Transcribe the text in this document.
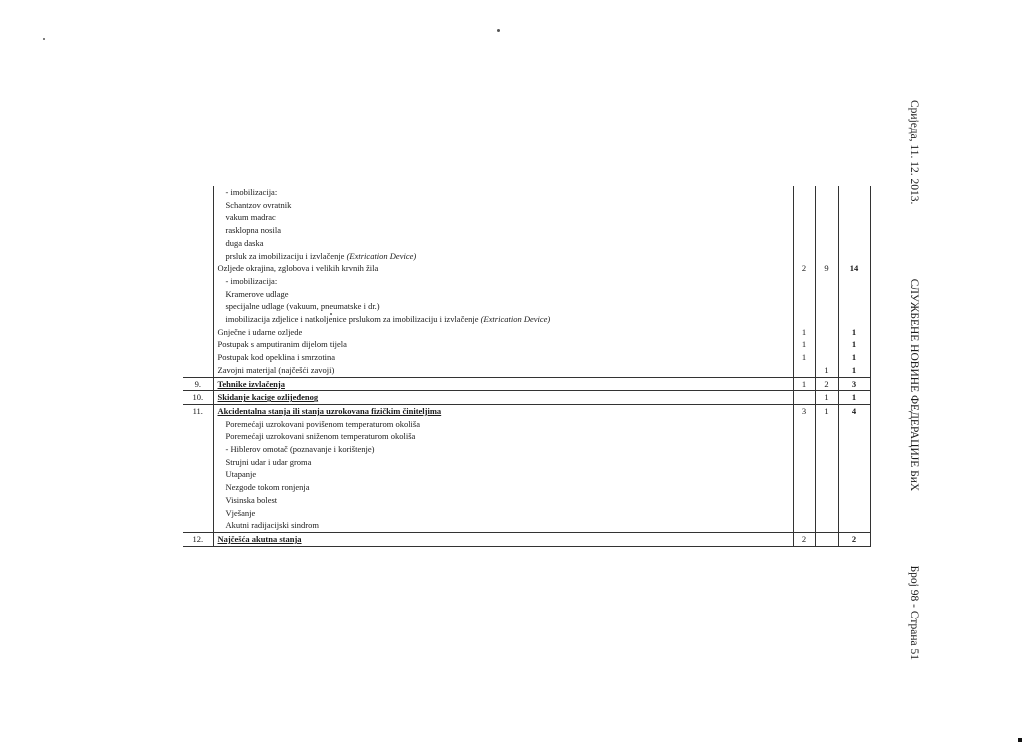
	- imobilizacija:			
	Schantzov ovratnik			
	vakum madrac			
	rasklopna nosila			
	duga daska			
	prsluk za imobilizaciju i izvlačenje (Extrication Device)			
	Ozljede okrajina, zglobova i velikih krvnih žila	2	9	14
	- imobilizacija:			
	Kramerove udlage			
	specijalne udlage (vakuum, pneumatske i dr.)			
	imobilizacija zdjelice i natkoljenice prslukom za imobilizaciju i izvlačenje (Extrication Device)			
	Gnječne i udarne ozljede	1		1
	Postupak s amputiranim dijelom tijela	1		1
	Postupak kod opeklina i smrzotina	1		1
	Zavojni materijal (najčešći zavoji)		1	1
9.	Tehnike izvlačenja	1	2	3
10.	Skidanje kacige ozlijeđenog		1	1
11.	Akcidentalna stanja ili stanja uzrokovana fizičkim činiteljima	3	1	4
	Poremećaji uzrokovani povišenom temperaturom okoliša			
	Poremećaji uzrokovani sniženom temperaturom okoliša			
	- Hiblerov omotač (poznavanje i korištenje)			
	Strujni udar i udar groma			
	Utapanje			
	Nezgode tokom ronjenja			
	Visinska bolest			
	Vješanje			
	Akutni radijacijski sindrom			
12.	Najčešća akutna stanja	2		2
Сриједа, 11. 12. 2013.
СЛУЖБЕНЕ НОВИНЕ ФЕДЕРАЦИЈЕ БиХ
Број 98 - Страна 51
